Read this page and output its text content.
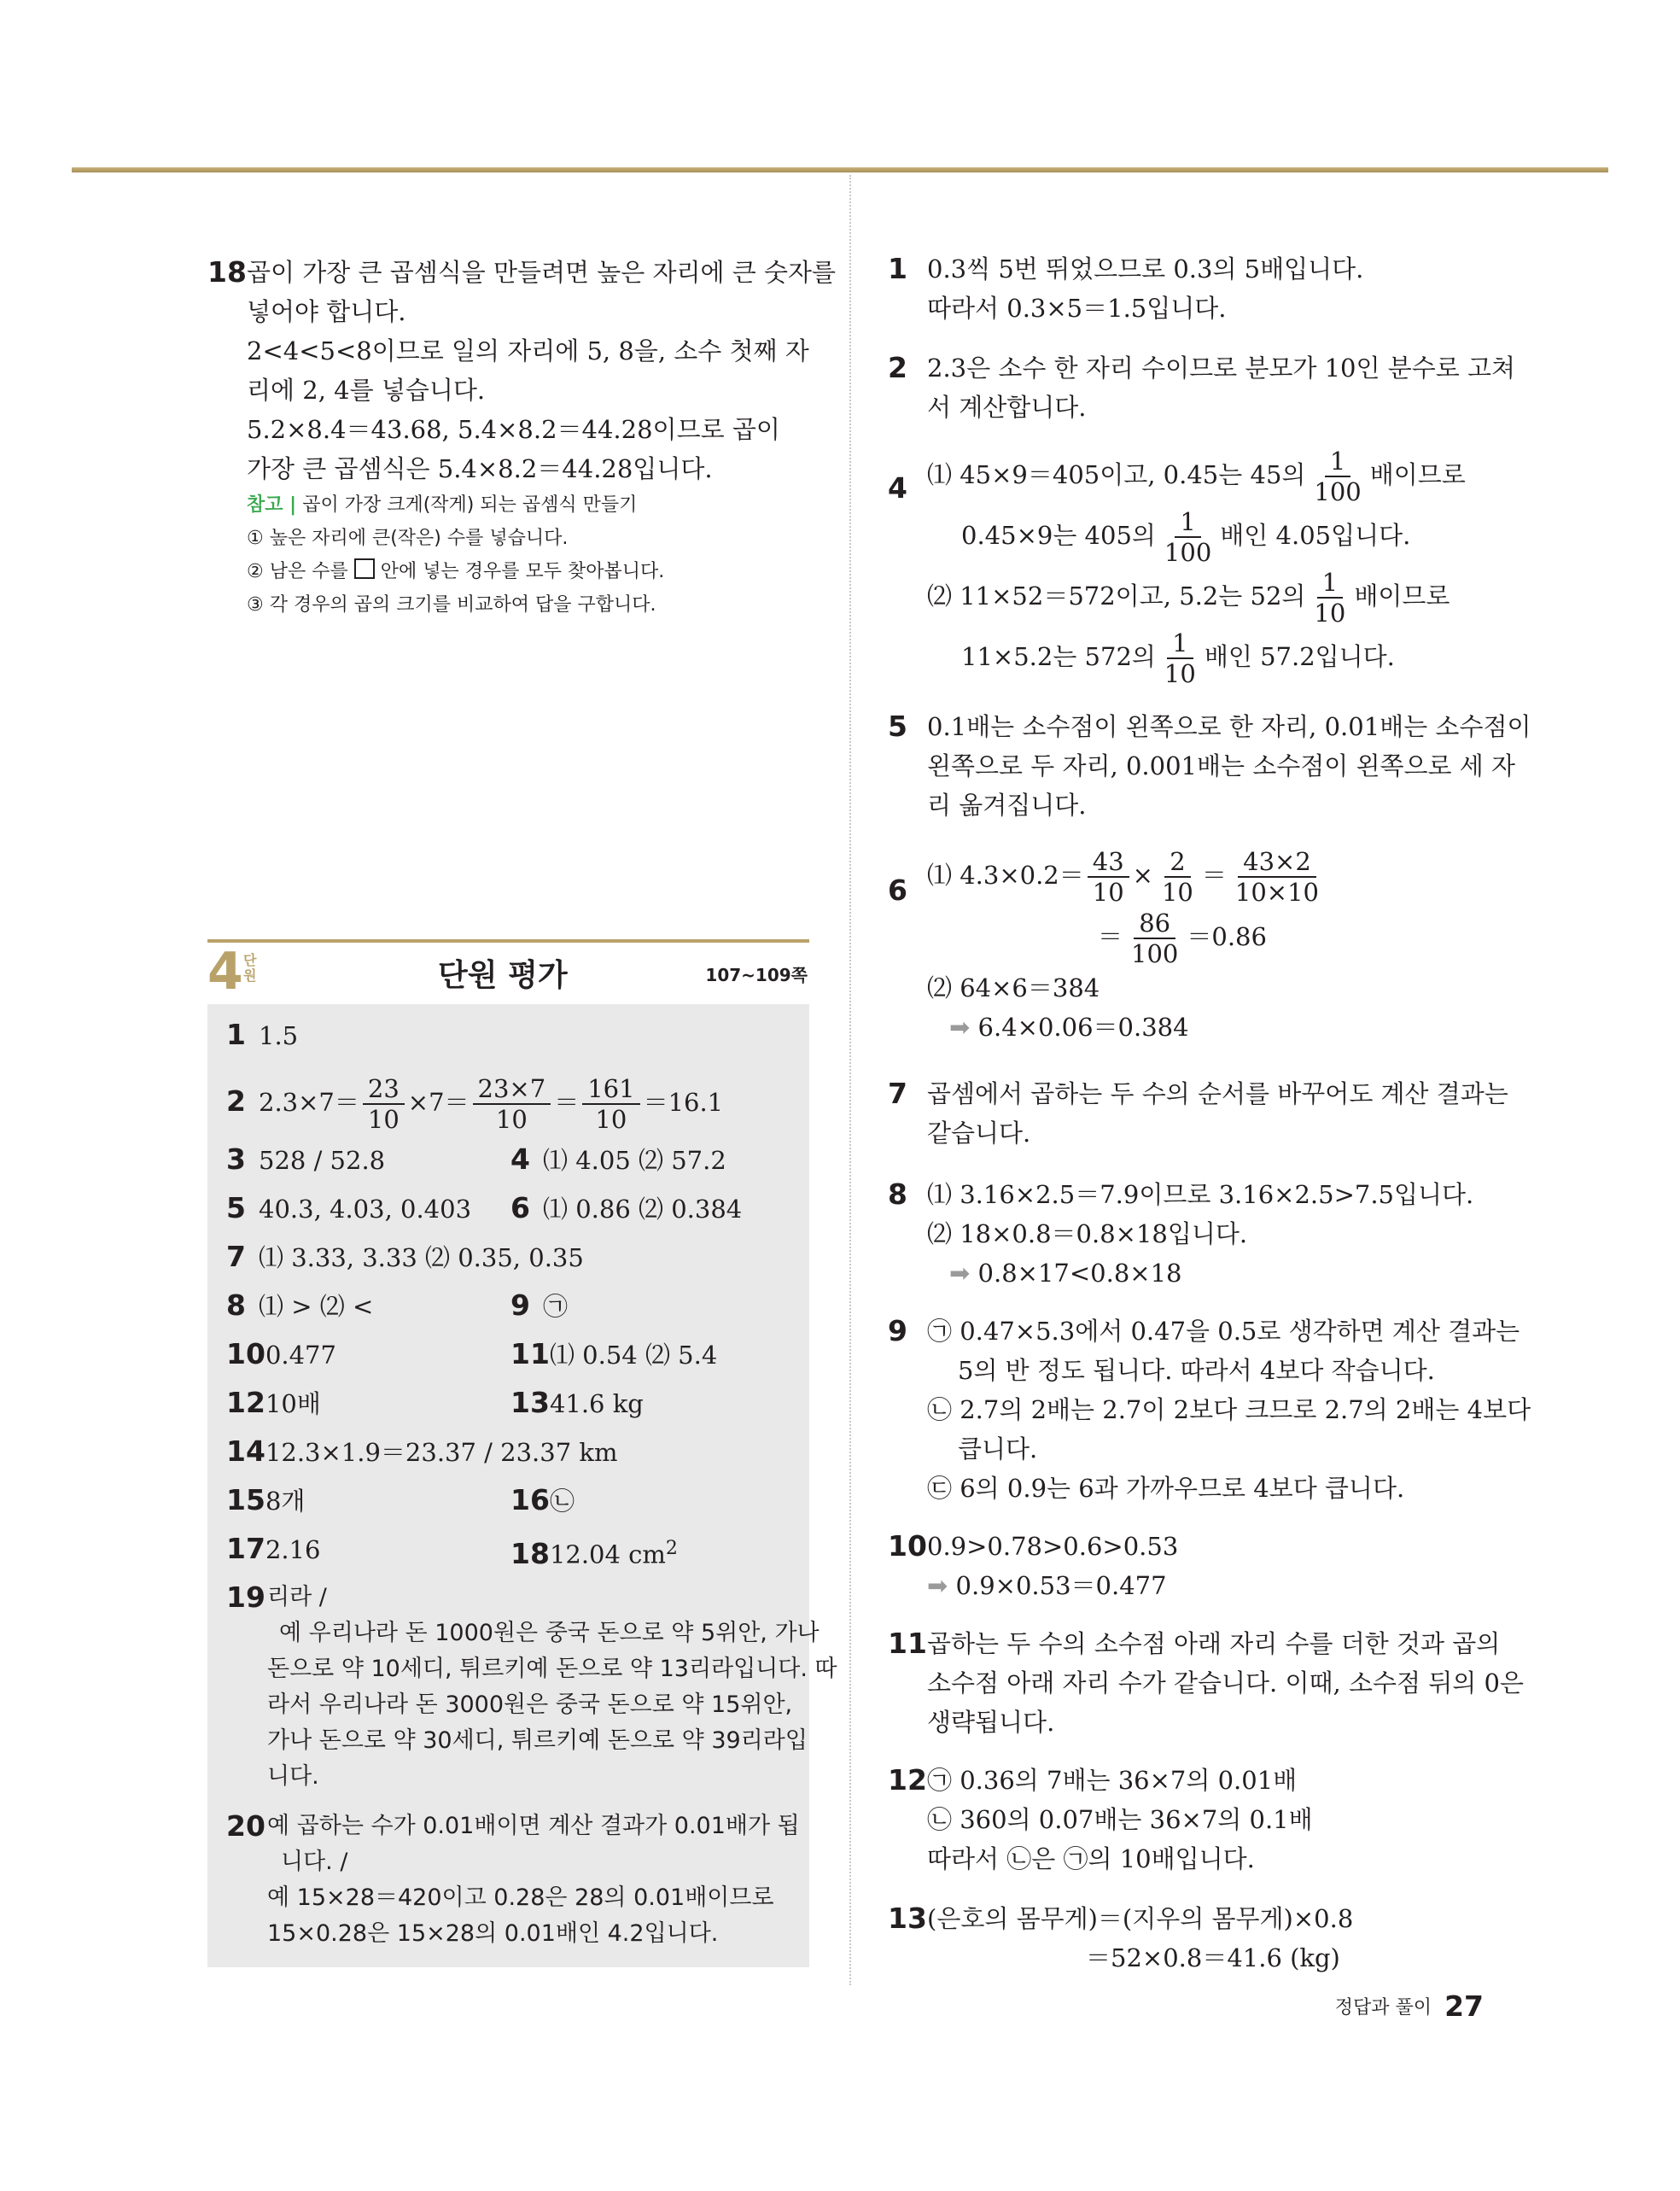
18 곱이 가장 큰 곱셈식을 만들려면 높은 자리에 큰 숫자를
넣어야 합니다.
2<4<5<8이므로 일의 자리에 5, 8을, 소수 첫째 자
리에 2, 4를 넣습니다.
5.2×8.4＝43.68, 5.4×8.2＝44.28이므로 곱이
가장 큰 곱셈식은 5.4×8.2＝44.28입니다.
참고 | 곱이 가장 크게(작게) 되는 곱셈식 만들기
① 높은 자리에 큰(작은) 수를 넣습니다.
② 남은 수를 안에 넣는 경우를 모두 찾아봅니다.
③ 각 경우의 곱의 크기를 비교하여 답을 구합니다.
4 단원	단원 평가	107~109쪽
1 1.5
2 $2.3\times 7= \frac{23}{10} \times 7= \frac{23\times 7}{10} = \frac{161}{10} =16.1$
3 528 / 52.8	4 ⑴ 4.05 ⑵ 57.2
5 40.3, 4.03, 0.403 6 ⑴ 0.86 ⑵ 0.384
7 ⑴ 3.33, 3.33 ⑵ 0.35, 0.35
8 ⑴ > ⑵ <	9 ㉠
100.477	11⑴ 0.54 ⑵ 5.4
1210배	1341.6 kg
1412.3×1.9＝23.37 / 23.37 km
158개	16㉡
172.16	1812.04 $cm^2$
19 리라 /
예 우리나라 돈 1000원은 중국 돈으로 약 5위안, 가나
돈으로 약 10세디, 튀르키예 돈으로 약 13리라입니다. 따
라서 우리나라 돈 3000원은 중국 돈으로 약 15위안,
가나 돈으로 약 30세디, 튀르키예 돈으로 약 39리라입
니다.
20 예 곱하는 수가 0.01배이면 계산 결과가 0.01배가 됩
니다. /
예 15×28＝420이고 0.28은 28의 0.01배이므로
15×0.28은 15×28의 0.01배인 4.2입니다.
1 0.3씩 5번 뛰었으므로 0.3의 5배입니다.
따라서 0.3×5＝1.5입니다.
2 2.3은 소수 한 자리 수이므로 분모가 10인 분수로 고쳐
서 계산합니다.
4 ⑴ 45×9＝405이고, 0.45는 45의 $\frac{1}{100}$ 배이므로
0.45×9는 405의 $\frac{1}{100}$ 배인 4.05입니다.
⑵ 11×52＝572이고, 5.2는 52의 $\frac{1}{10}$ 배이므로
11×5.2는 572의 $\frac{1}{10}$ 배인 57.2입니다.
5 0.1배는 소수점이 왼쪽으로 한 자리, 0.01배는 소수점이
왼쪽으로 두 자리, 0.001배는 소수점이 왼쪽으로 세 자
리 옮겨집니다.
6 ⑴ $4.3\times 0.2= \frac{43}{10} \times \frac{2}{10} = \frac{43\times 2}{10\times 10}$
＝ $\frac{86}{100} =0.86$
⑵ 64×6＝384
➡ 6.4×0.06＝0.384
7 곱셈에서 곱하는 두 수의 순서를 바꾸어도 계산 결과는
같습니다.
8 ⑴ 3.16×2.5＝7.9이므로 3.16×2.5>7.5입니다.
⑵ 18×0.8＝0.8×18입니다.
➡ 0.8×17<0.8×18
9 ㉠ 0.47×5.3에서 0.47을 0.5로 생각하면 계산 결과는
5의 반 정도 됩니다. 따라서 4보다 작습니다.
㉡ 2.7의 2배는 2.7이 2보다 크므로 2.7의 2배는 4보다
큽니다.
㉢ 6의 0.9는 6과 가까우므로 4보다 큽니다.
10 0.9>0.78>0.6>0.53
➡ 0.9×0.53＝0.477
11 곱하는 두 수의 소수점 아래 자리 수를 더한 것과 곱의
소수점 아래 자리 수가 같습니다. 이때, 소수점 뒤의 0은
생략됩니다.
12 ㉠ 0.36의 7배는 36×7의 0.01배
㉡ 360의 0.07배는 36×7의 0.1배
따라서 ㉡은 ㉠의 10배입니다.
13 (은호의 몸무게)＝(지우의 몸무게)×0.8
＝52×0.8＝41.6 (kg)
정답과 풀이 27
